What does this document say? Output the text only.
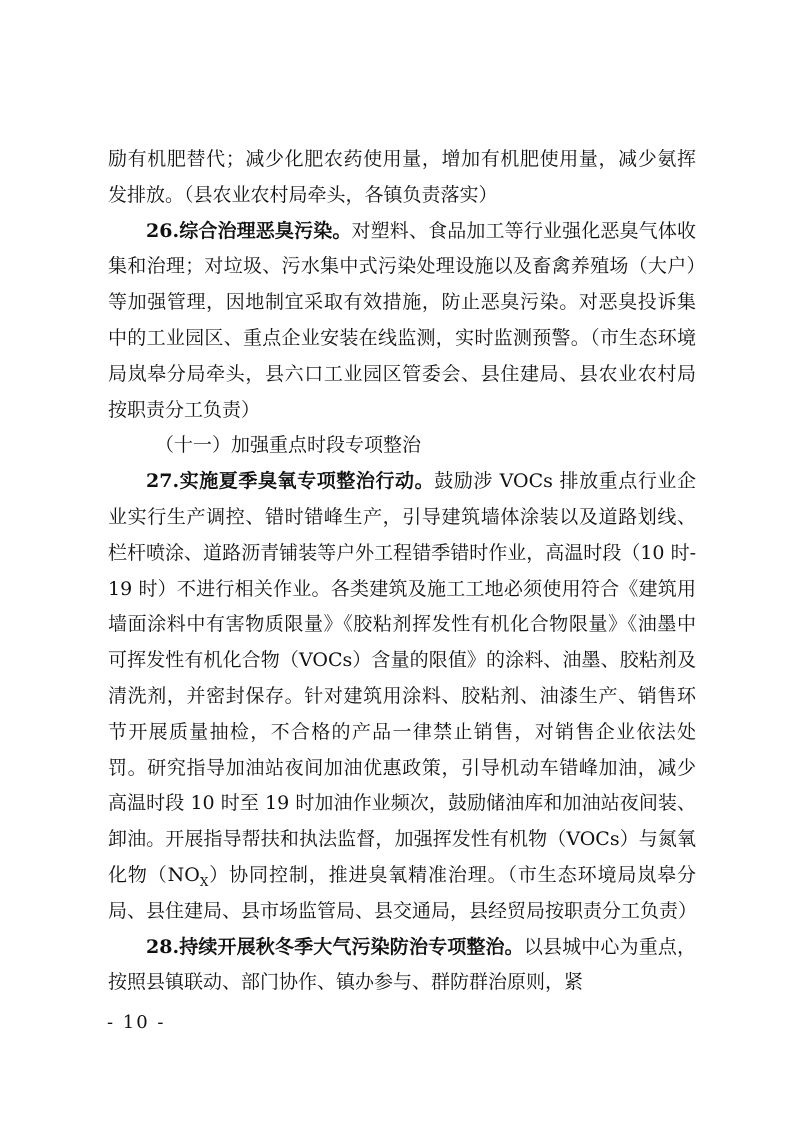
励有机肥替代；减少化肥农药使用量，增加有机肥使用量，减少氨挥发排放。（县农业农村局牵头，各镇负责落实）

26.综合治理恶臭污染。对塑料、食品加工等行业强化恶臭气体收集和治理；对垃圾、污水集中式污染处理设施以及畜禽养殖场（大户）等加强管理，因地制宜采取有效措施，防止恶臭污染。对恶臭投诉集中的工业园区、重点企业安装在线监测，实时监测预警。（市生态环境局岚皋分局牵头，县六口工业园区管委会、县住建局、县农业农村局按职责分工负责）

（十一）加强重点时段专项整治

27.实施夏季臭氧专项整治行动。鼓励涉 VOCs 排放重点行业企业实行生产调控、错时错峰生产，引导建筑墙体涂装以及道路划线、栏杆喷涂、道路沥青铺装等户外工程错季错时作业，高温时段（10 时-19 时）不进行相关作业。各类建筑及施工工地必须使用符合《建筑用墙面涂料中有害物质限量》《胶粘剂挥发性有机化合物限量》《油墨中可挥发性有机化合物（VOCs）含量的限值》的涂料、油墨、胶粘剂及清洗剂，并密封保存。针对建筑用涂料、胶粘剂、油漆生产、销售环节开展质量抽检，不合格的产品一律禁止销售，对销售企业依法处罚。研究指导加油站夜间加油优惠政策，引导机动车错峰加油，减少高温时段 10 时至 19 时加油作业频次，鼓励储油库和加油站夜间装、卸油。开展指导帮扶和执法监督，加强挥发性有机物（VOCs）与氮氧化物$(NO_X)$协同控制，推进臭氧精准治理。（市生态环境局岚皋分局、县住建局、县市场监管局、县交通局，县经贸局按职责分工负责）

28.持续开展秋冬季大气污染防治专项整治。以县城中心为重点，按照县镇联动、部门协作、镇办参与、群防群治原则，紧

- 10 -
